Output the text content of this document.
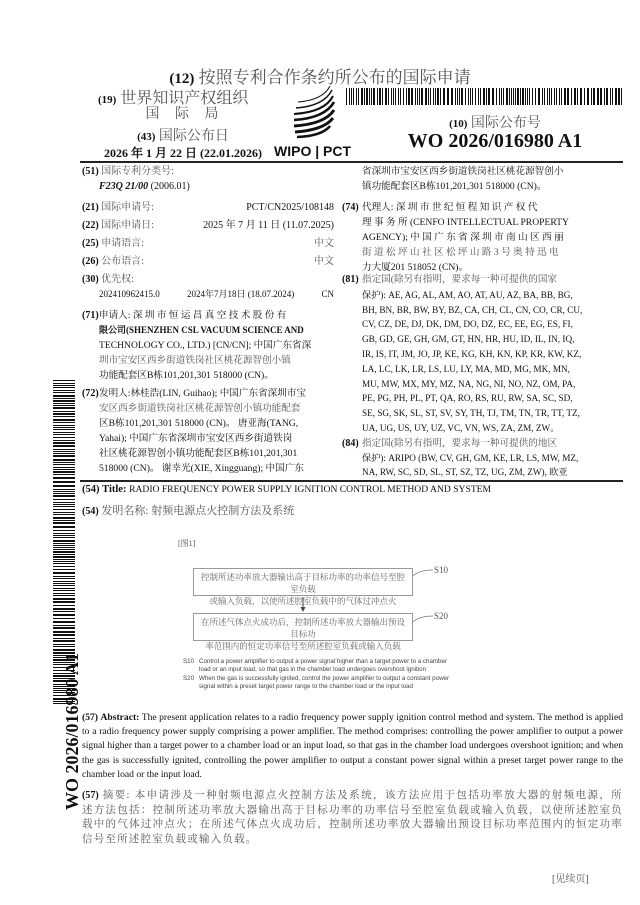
(12) 按照专利合作条约所公布的国际申请
(19) 世界知识产权组织
国 际 局
(43) 国际公布日
2026 年 1 月 22 日 (22.01.2026) WIPO | PCT
(10) 国际公布号
WO 2026/016980 A1
(51) 国际专利分类号:
F23Q 21/00 (2006.01)
(21) 国际申请号:	PCT/CN2025/108148
(22) 国际申请日:	2025 年 7 月 11 日 (11.07.2025)
(25) 申请语言:	中文
(26) 公布语言:	中文
(30) 优先权:
202410962415.0	2024年7月18日 (18.07.2024)	CN
(71) 申请人: 深 圳 市 恒 运 昌 真 空 技 术 股 份 有
限公司(SHENZHEN CSL VACUUM SCIENCE AND
TECHNOLOGY CO., LTD.) [CN/CN]; 中国广东省深
圳市宝安区西乡街道铁岗社区桃花源智创小镇
功能配套区B栋101,201,301 518000 (CN)。
(72) 发明人:林桂浩(LIN, Guihao); 中国广东省深圳市宝
安区西乡街道铁岗社区桃花源智创小镇功能配套
区B栋101,201,301 518000 (CN)。 唐亚海(TANG,
Yahai); 中国广东省深圳市宝安区西乡街道铁岗
社区桃花源智创小镇功能配套区B栋101,201,301
518000 (CN)。 谢幸光(XIE, Xingguang); 中国广东
省深圳市宝安区西乡街道铁岗社区桃花源智创小
镇功能配套区B栋101,201,301 518000 (CN)。
(74) 代理人: 深 圳 市 世 纪 恒 程 知 识 产 权 代
理 事 务 所 (CENFO INTELLECTUAL PROPERTY
AGENCY); 中 国 广 东 省 深 圳 市 南 山 区 西 丽
街 道 松 坪 山 社 区 松 坪 山 路 3 号 奥 特 迅 电
力大厦201 518052 (CN)。
(81) 指定国(除另有指明，要求每一种可提供的国家
保护): AE, AG, AL, AM, AO, AT, AU, AZ, BA, BB, BG,
BH, BN, BR, BW, BY, BZ, CA, CH, CL, CN, CO, CR, CU,
CV, CZ, DE, DJ, DK, DM, DO, DZ, EC, EE, EG, ES, FI,
GB, GD, GE, GH, GM, GT, HN, HR, HU, ID, IL, IN, IQ,
IR, IS, IT, JM, JO, JP, KE, KG, KH, KN, KP, KR, KW, KZ,
LA, LC, LK, LR, LS, LU, LY, MA, MD, MG, MK, MN,
MU, MW, MX, MY, MZ, NA, NG, NI, NO, NZ, OM, PA,
PE, PG, PH, PL, PT, QA, RO, RS, RU, RW, SA, SC, SD,
SE, SG, SK, SL, ST, SV, SY, TH, TJ, TM, TN, TR, TT, TZ,
UA, UG, US, UY, UZ, VC, VN, WS, ZA, ZM, ZW。
(84) 指定国(除另有指明，要求每一种可提供的地区
保护): ARIPO (BW, CV, GH, GM, KE, LR, LS, MW, MZ,
NA, RW, SC, SD, SL, ST, SZ, TZ, UG, ZM, ZW), 欧亚
(54) Title: RADIO FREQUENCY POWER SUPPLY IGNITION CONTROL METHOD AND SYSTEM
(54) 发明名称: 射频电源点火控制方法及系统
[图1]
控制所述功率放大器输出高于目标功率的功率信号至腔室负载
或输入负载，以使所述腔室负载中的气体过冲点火
在所述气体点火成功后，控制所述功率放大器输出预设目标功
率范围内的恒定功率信号至所述腔室负载或输入负载
S10
S20
S10 Control a power amplifier to output a power signal higher than a target power to a chamber
load or an input load, so that gas in the chamber load undergoes overshoot ignition
S20 When the gas is successfully ignited, control the power amplifier to output a constant power
signal within a preset target power range to the chamber load or the input load
(57) Abstract: The present application relates to a radio frequency power supply ignition control method and system. The method is applied to a radio frequency power supply comprising a power amplifier. The method comprises: controlling the power amplifier to output a power signal higher than a target power to a chamber load or an input load, so that gas in the chamber load undergoes overshoot ignition; and when the gas is successfully ignited, controlling the power amplifier to output a constant power signal within a preset target power range to the chamber load or the input load.
(57) 摘要: 本申请涉及一种射频电源点火控制方法及系统，该方法应用于包括功率放大器的射频电源，所述方法包括：控制所述功率放大器输出高于目标功率的功率信号至腔室负载或输入负载，以使所述腔室负载中的气体过冲点火；在所述气体点火成功后，控制所述功率放大器输出预设目标功率范围内的恒定功率信号至所述腔室负载或输入负载。
[见续页]
WO 2026/016980 A1
